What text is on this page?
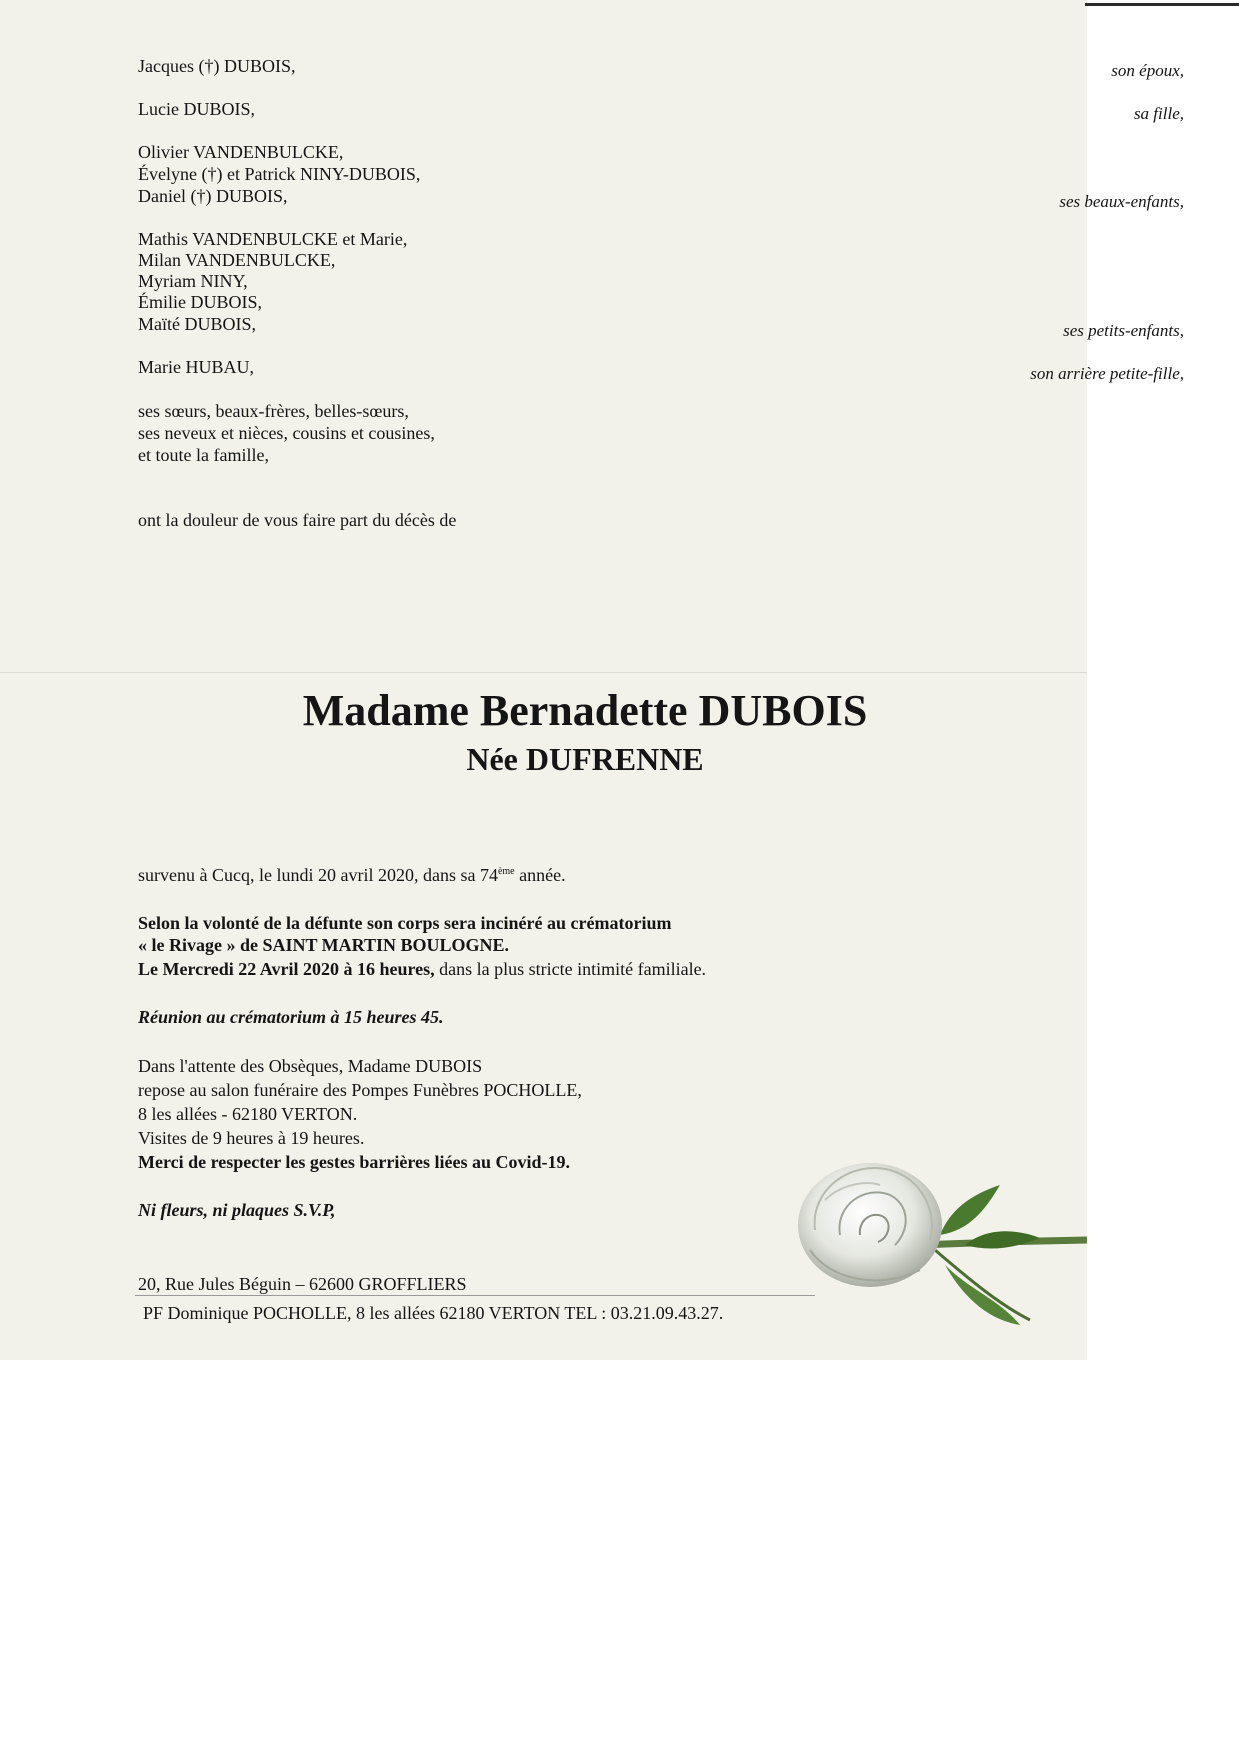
Jacques (†) DUBOIS,
Lucie DUBOIS,
Olivier VANDENBULCKE,
Évelyne (†) et Patrick NINY-DUBOIS,
Daniel (†) DUBOIS,
Mathis VANDENBULCKE et Marie,
Milan VANDENBULCKE,
Myriam NINY,
Émilie DUBOIS,
Maïté DUBOIS,
Marie HUBAU,
ses sœurs, beaux-frères, belles-sœurs,
ses neveux et nièces, cousins et cousines,
et toute la famille,
son époux,
sa fille,
ses beaux-enfants,
ses petits-enfants,
son arrière petite-fille,
ont la douleur de vous faire part du décès de
Madame Bernadette DUBOIS
Née DUFRENNE
survenu à Cucq, le lundi 20 avril 2020, dans sa 74ème année.
Selon la volonté de la défunte son corps sera incinéré au crématorium
« le Rivage » de SAINT MARTIN BOULOGNE.
Le Mercredi 22 Avril 2020 à 16 heures, dans la plus stricte intimité familiale.
Réunion au crématorium à 15 heures 45.
Dans l'attente des Obsèques, Madame DUBOIS
repose au salon funéraire des Pompes Funèbres POCHOLLE,
8 les allées - 62180 VERTON.
Visites de 9 heures à 19 heures.
Merci de respecter les gestes barrières liées au Covid-19.
Ni fleurs, ni plaques S.V.P,
20, Rue Jules Béguin – 62600 GROFFLIERS
PF Dominique POCHOLLE, 8 les allées 62180 VERTON TEL : 03.21.09.43.27.
